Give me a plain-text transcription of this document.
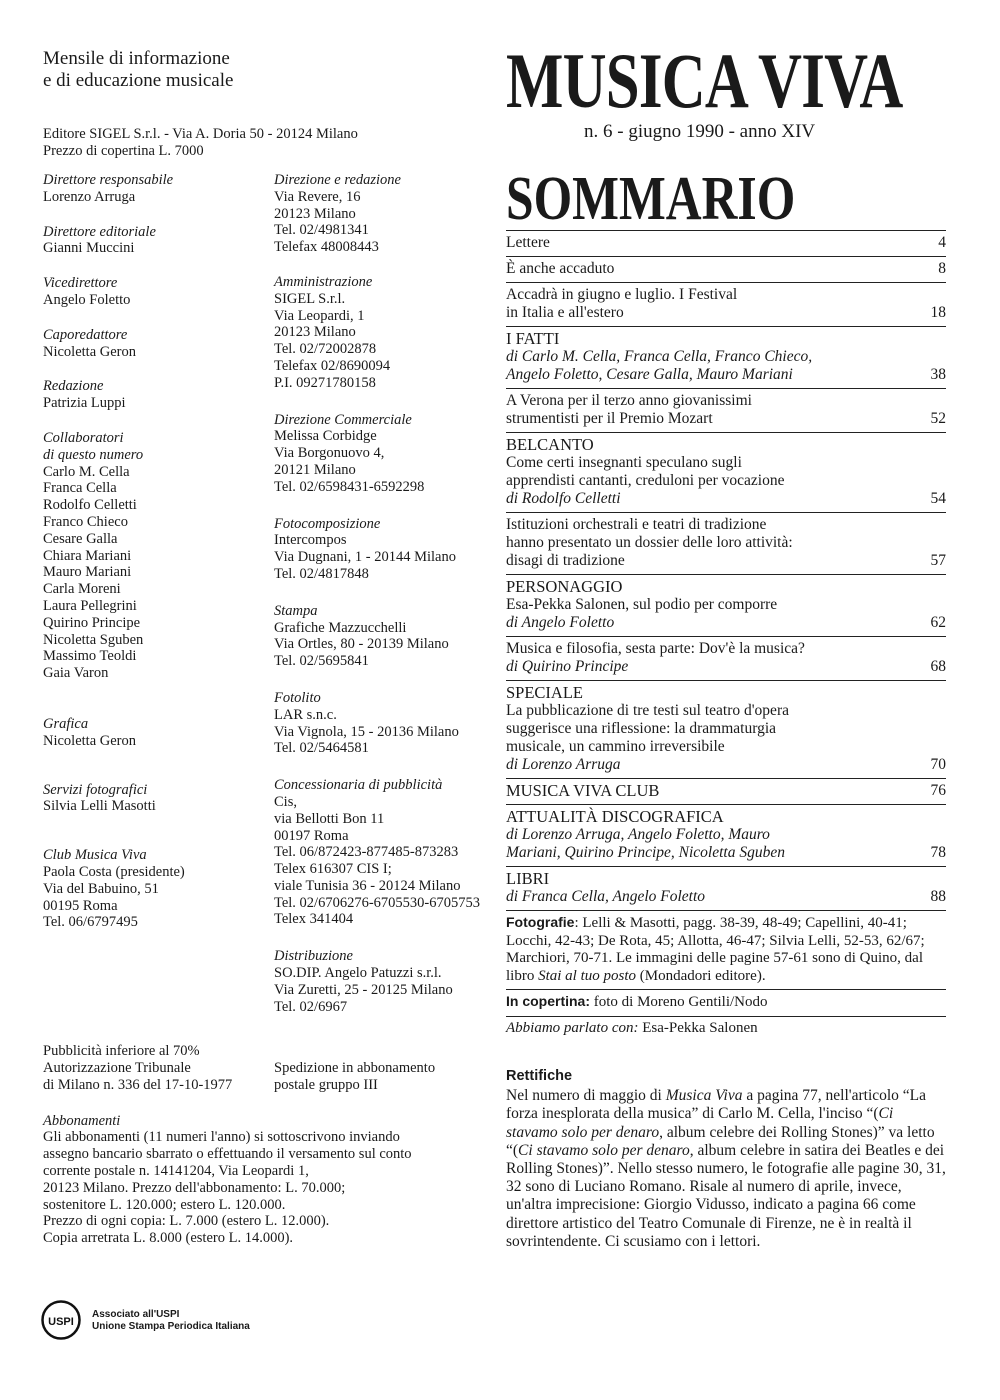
Mensile di informazione
e di educazione musicale
Editore SIGEL S.r.l. - Via A. Doria 50 - 20124 Milano
Prezzo di copertina L. 7000
MUSICA VIVA
n. 6 - giugno 1990 - anno XIV
SOMMARIO
Direttore responsabile
Lorenzo Arruga
Direttore editoriale
Gianni Muccini
Vicedirettore
Angelo Foletto
Caporedattore
Nicoletta Geron
Redazione
Patrizia Luppi
Collaboratori
di questo numero
Carlo M. Cella
Franca Cella
Rodolfo Celletti
Franco Chieco
Cesare Galla
Chiara Mariani
Mauro Mariani
Carla Moreni
Laura Pellegrini
Quirino Principe
Nicoletta Sguben
Massimo Teoldi
Gaia Varon
Grafica
Nicoletta Geron
Servizi fotografici
Silvia Lelli Masotti
Club Musica Viva
Paola Costa (presidente)
Via del Babuino, 51
00195 Roma
Tel. 06/6797495
Direzione e redazione
Via Revere, 16
20123 Milano
Tel. 02/4981341
Telefax 48008443
Amministrazione
SIGEL S.r.l.
Via Leopardi, 1
20123 Milano
Tel. 02/72002878
Telefax 02/8690094
P.I. 09271780158
Direzione Commerciale
Melissa Corbidge
Via Borgonuovo 4,
20121 Milano
Tel. 02/6598431-6592298
Fotocomposizione
Intercompos
Via Dugnani, 1 - 20144 Milano
Tel. 02/4817848
Stampa
Grafiche Mazzucchelli
Via Ortles, 80 - 20139 Milano
Tel. 02/5695841
Fotolito
LAR s.n.c.
Via Vignola, 15 - 20136 Milano
Tel. 02/5464581
Concessionaria di pubblicità
Cis,
via Bellotti Bon 11
00197 Roma
Tel. 06/872423-877485-873283
Telex 616307 CIS I;
viale Tunisia 36 - 20124 Milano
Tel. 02/6706276-6705530-6705753
Telex 341404
Distribuzione
SO.DIP. Angelo Patuzzi s.r.l.
Via Zuretti, 25 - 20125 Milano
Tel. 02/6967
Pubblicità inferiore al 70%
Autorizzazione Tribunale
di Milano n. 336 del 17-10-1977
Spedizione in abbonamento
postale gruppo III
Abbonamenti
Gli abbonamenti (11 numeri l'anno) si sottoscrivono inviando
assegno bancario sbarrato o effettuando il versamento sul conto
corrente postale n. 14141204, Via Leopardi 1,
20123 Milano. Prezzo dell'abbonamento: L. 70.000;
sostenitore L. 120.000; estero L. 120.000.
Prezzo di ogni copia: L. 7.000 (estero L. 12.000).
Copia arretrata L. 8.000 (estero L. 14.000).
USPI
Associato all'USPI
Unione Stampa Periodica Italiana
Lettere	4
È anche accaduto	8
Accadrà in giugno e luglio. I Festival
in Italia e all'estero	18
I FATTI
di Carlo M. Cella, Franca Cella, Franco Chieco,
Angelo Foletto, Cesare Galla, Mauro Mariani	38
A Verona per il terzo anno giovanissimi
strumentisti per il Premio Mozart	52
BELCANTO
Come certi insegnanti speculano sugli
apprendisti cantanti, creduloni per vocazione
di Rodolfo Celletti	54
Istituzioni orchestrali e teatri di tradizione
hanno presentato un dossier delle loro attività:
disagi di tradizione	57
PERSONAGGIO
Esa-Pekka Salonen, sul podio per comporre
di Angelo Foletto	62
Musica e filosofia, sesta parte: Dov'è la musica?
di Quirino Principe	68
SPECIALE
La pubblicazione di tre testi sul teatro d'opera
suggerisce una riflessione: la drammaturgia
musicale, un cammino irreversibile
di Lorenzo Arruga	70
MUSICA VIVA CLUB	76
ATTUALITÀ DISCOGRAFICA
di Lorenzo Arruga, Angelo Foletto, Mauro
Mariani, Quirino Principe, Nicoletta Sguben	78
LIBRI
di Franca Cella, Angelo Foletto	88
Fotografie: Lelli & Masotti, pagg. 38-39, 48-49; Capellini, 40-41; Locchi, 42-43; De Rota, 45; Allotta, 46-47; Silvia Lelli, 52-53, 62/67; Marchiori, 70-71. Le immagini delle pagine 57-61 sono di Quino, dal libro Stai al tuo posto (Mondadori editore).
In copertina: foto di Moreno Gentili/Nodo
Abbiamo parlato con: Esa-Pekka Salonen
Rettifiche
Nel numero di maggio di Musica Viva a pagina 77, nell'articolo “La forza inesplorata della musica” di Carlo M. Cella, l'inciso “(Ci stavamo solo per denaro, album celebre dei Rolling Stones)” va letto “(Ci stavamo solo per denaro, album celebre in satira dei Beatles e dei Rolling Stones)”. Nello stesso numero, le fotografie alle pagine 30, 31, 32 sono di Luciano Romano. Risale al numero di aprile, invece, un'altra imprecisione: Giorgio Vidusso, indicato a pagina 66 come direttore artistico del Teatro Comunale di Firenze, ne è in realtà il sovrintendente. Ci scusiamo con i lettori.
